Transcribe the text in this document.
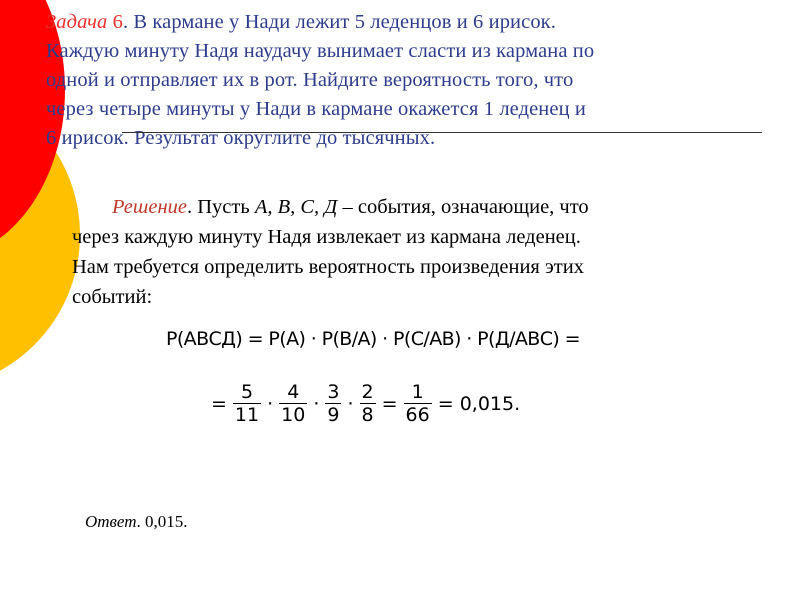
Задача 6. В кармане у Нади лежит 5 леденцов и 6 ирисок.
Каждую минуту Надя наудачу вынимает сласти из кармана по
одной и отправляет их в рот. Найдите вероятность того, что
через четыре минуты у Нади в кармане окажется 1 леденец и
6 ирисок. Результат округлите до тысячных.
Решение. Пусть А, В, С, Д – события, означающие, что
через каждую минуту Надя извлекает из кармана леденец.
Нам требуется определить вероятность произведения этих
событий:
P(АВСД) = P(A) · P(В/A) · P(С/AВ) · P(Д/AВС) =
= $\frac{5}{11} \cdot \frac{4}{10} \cdot \frac{3}{9} \cdot \frac{2}{8} = \frac{1}{66} = 0,015$.
Ответ. 0,015.
